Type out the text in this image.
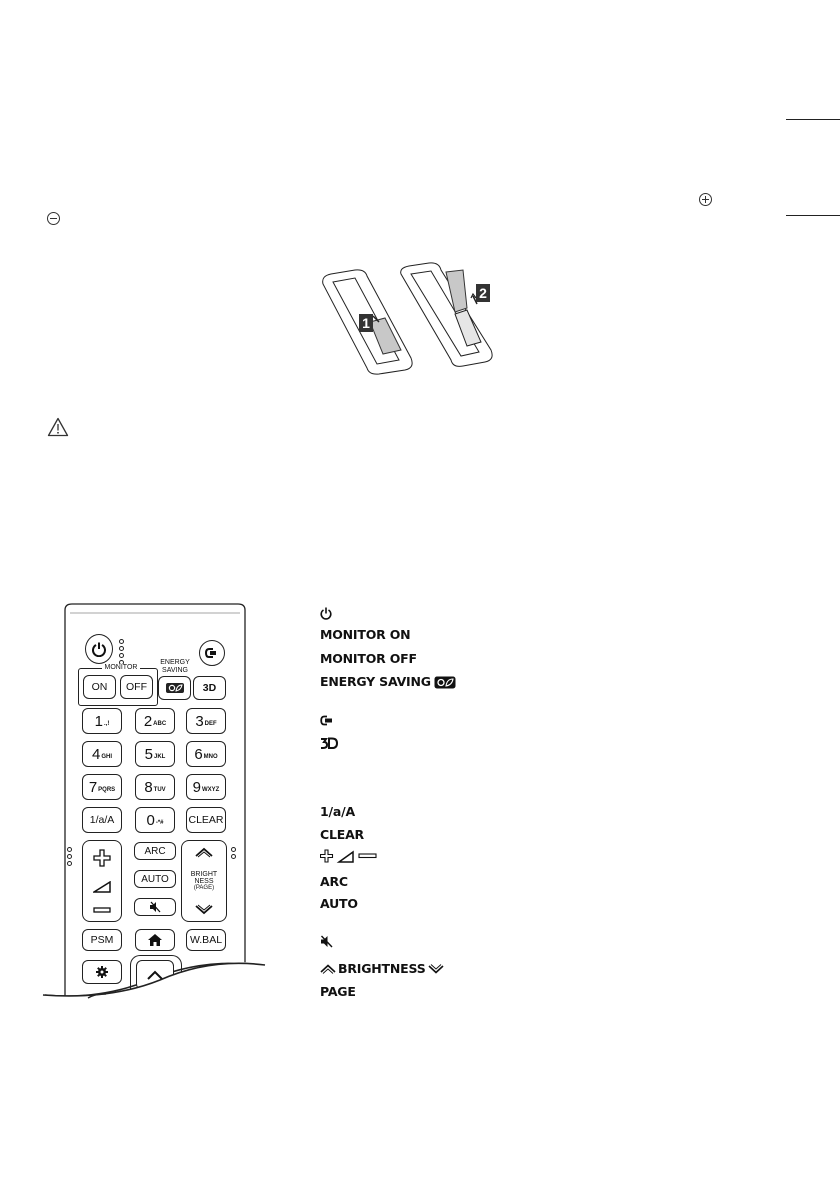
1
2
MONITOR
ON OFF
ENERGY
SAVING
3D
1 .,! 2 ABC 3 DEF
4 GHI 5 JKL 6 MNO
7 PQRS 8 TUV 9 WXYZ
1/a/A 0 -*# CLEAR
ARC
AUTO	BRIGHT
NESS
(PAGE)
PSM	W.BAL
MONITOR ON
MONITOR OFF
ENERGY SAVING
1/a/A
CLEAR
ARC
AUTO
BRIGHTNESS
PAGE
